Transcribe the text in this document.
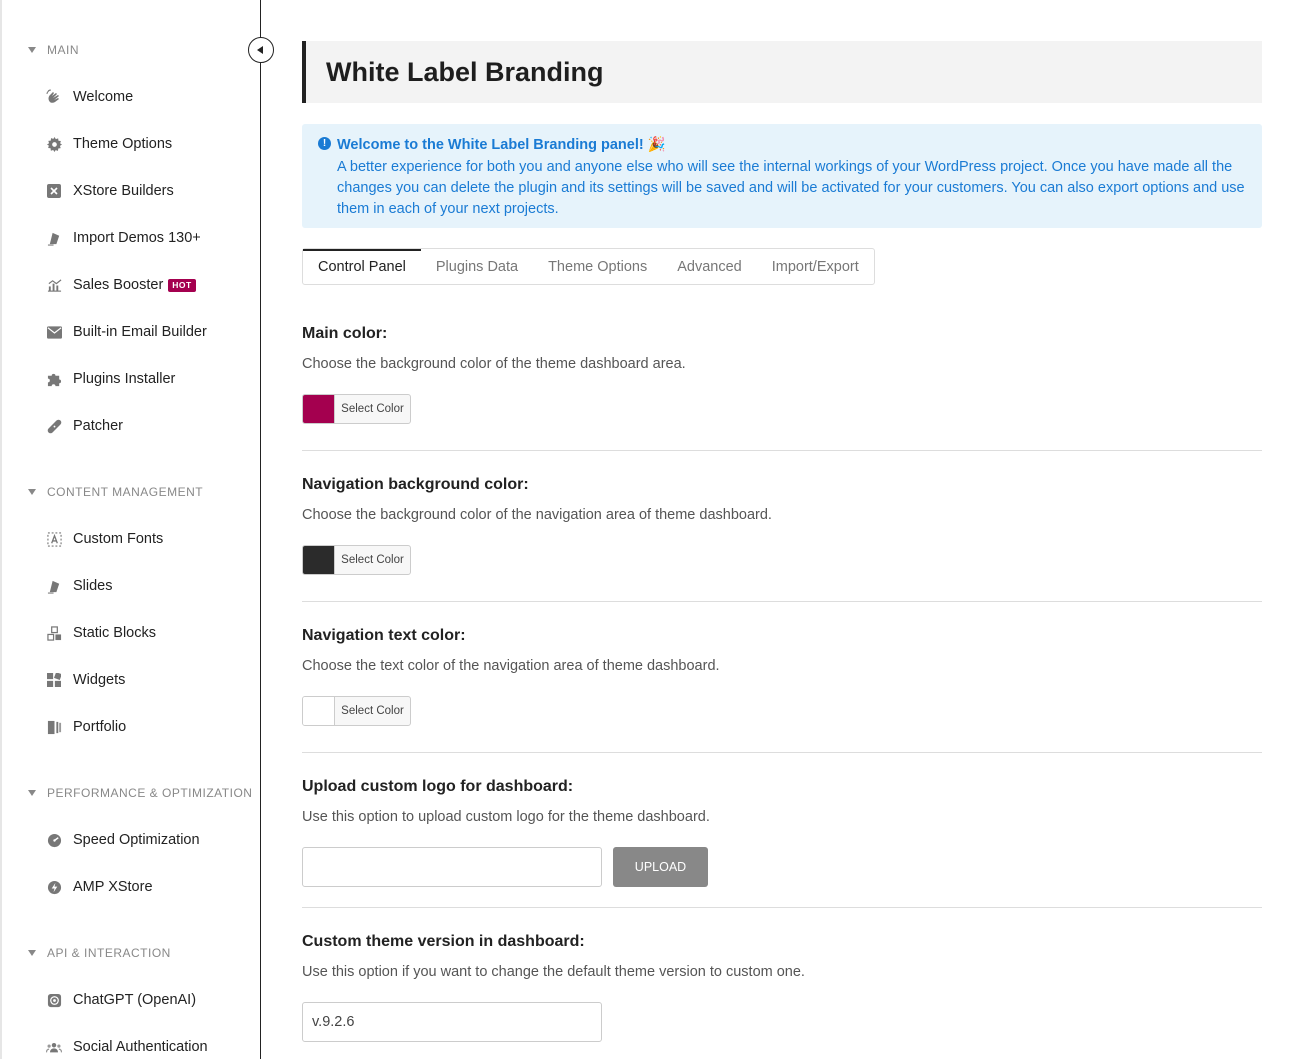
MAIN
Welcome
Theme Options
XStore Builders
Import Demos 130+
Sales Booster	HOT
Built-in Email Builder
Plugins Installer
Patcher
CONTENT MANAGEMENT
Custom Fonts
Slides
Static Blocks
Widgets
Portfolio
PERFORMANCE & OPTIMIZATION
Speed Optimization
AMP XStore
API & INTERACTION
ChatGPT (OpenAI)
Social Authentication
White Label Branding
! Welcome to the White Label Branding panel! 🎉
A better experience for both you and anyone else who will see the internal workings of your WordPress project. Once you have made all the changes you can delete the plugin and its settings will be saved and will be activated for your customers. You can also export options and use them in each of your next projects.
Control Panel	Plugins Data	Theme Options	Advanced	Import/Export
Main color:
Choose the background color of the theme dashboard area.
Select Color
Navigation background color:
Choose the background color of the navigation area of theme dashboard.
Select Color
Navigation text color:
Choose the text color of the navigation area of theme dashboard.
Select Color
Upload custom logo for dashboard:
Use this option to upload custom logo for the theme dashboard.
UPLOAD
Custom theme version in dashboard:
Use this option if you want to change the default theme version to custom one.
v.9.2.6
